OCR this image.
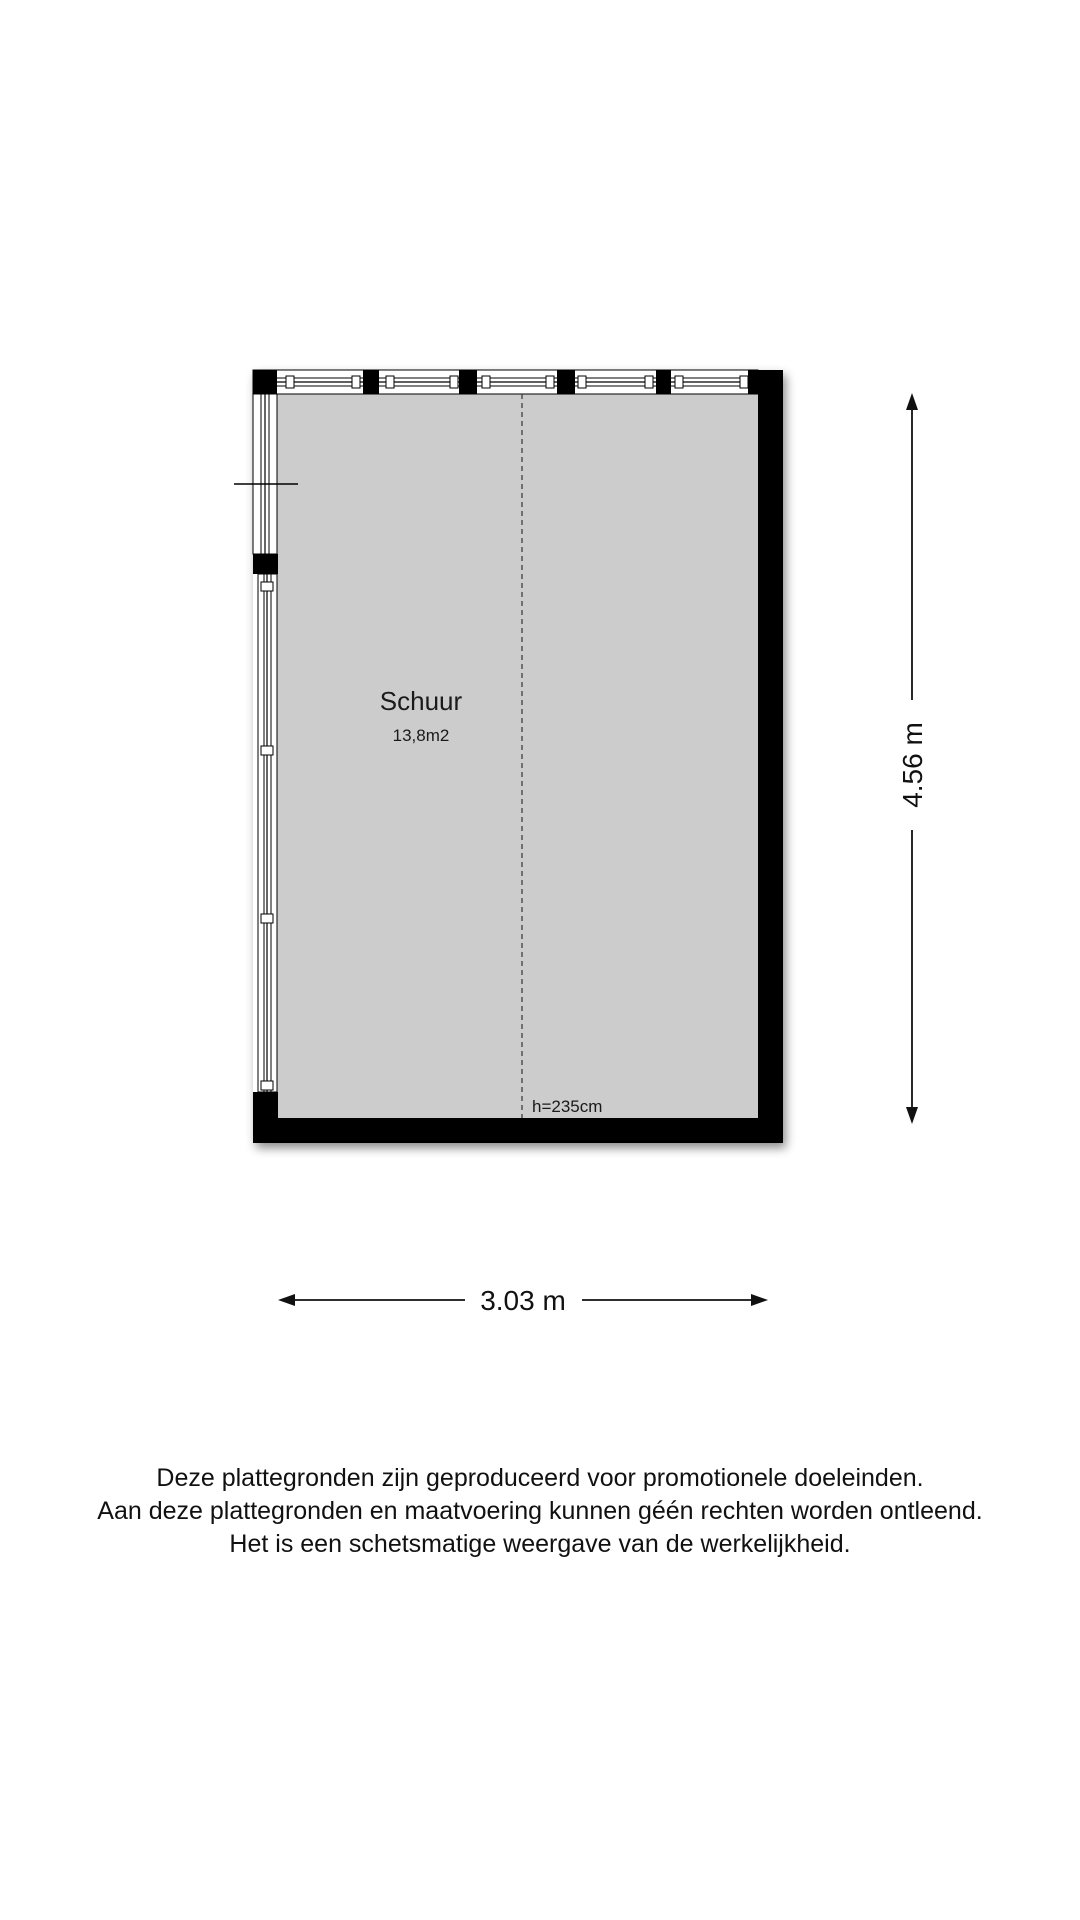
Schuur
13,8m2
h=235cm
4.56 m
3.03 m
Deze plattegronden zijn geproduceerd voor promotionele doeleinden.
Aan deze plattegronden en maatvoering kunnen géén rechten worden ontleend.
Het is een schetsmatige weergave van de werkelijkheid.
